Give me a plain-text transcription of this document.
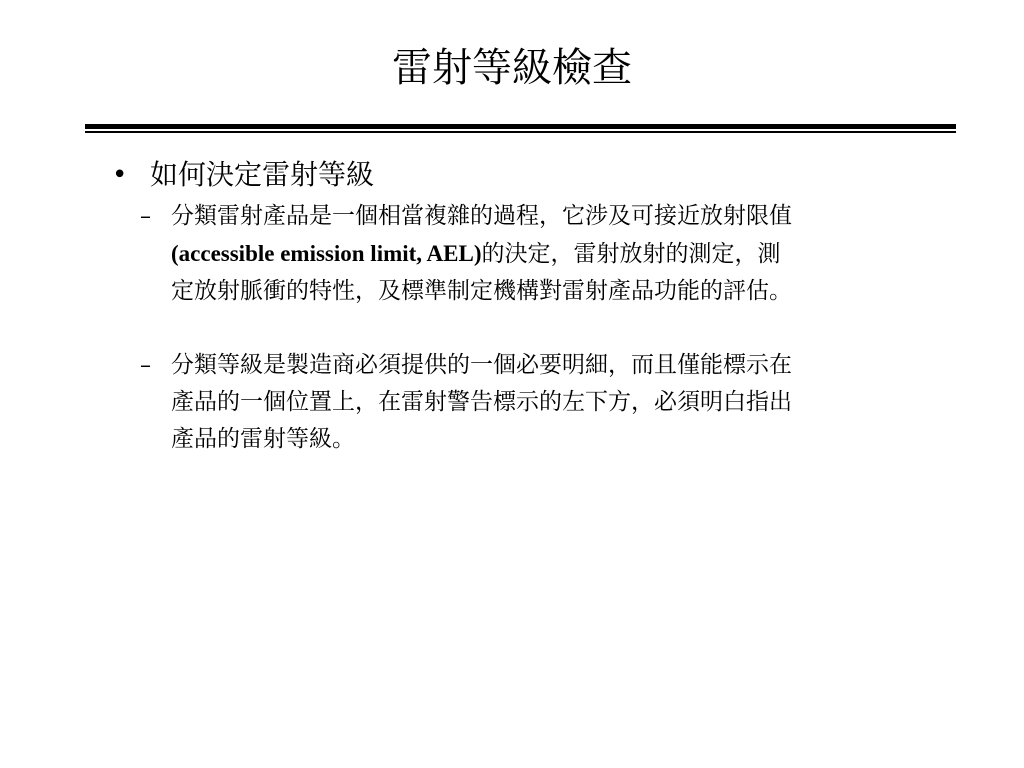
雷射等級檢查
• 如何決定雷射等級
– 分類雷射產品是一個相當複雜的過程，它涉及可接近放射限值
(accessible emission limit, AEL)的決定，雷射放射的測定，測
定放射脈衝的特性，及標準制定機構對雷射產品功能的評估。
– 分類等級是製造商必須提供的一個必要明細，而且僅能標示在
產品的一個位置上，在雷射警告標示的左下方，必須明白指出
產品的雷射等級。
